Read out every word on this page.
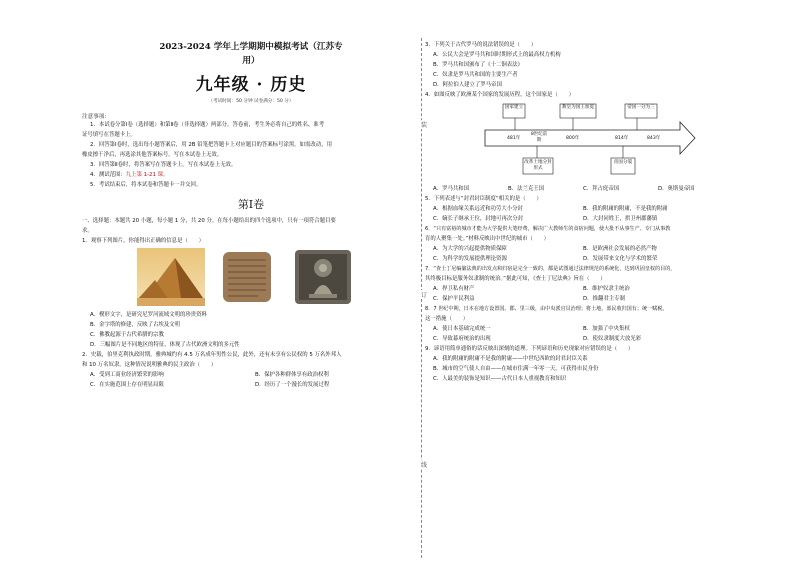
装
订
线
2023-2024 学年上学期期中模拟考试（江苏专
用）
九年级 · 历史
（考试时间：50 分钟 试卷满分：50 分）
注意事项:
1．本试卷分第Ⅰ卷（选择题）和第Ⅱ卷（非选择题）两部分。答卷前，考生务必将自己的姓名、准考
证号填写在答题卡上。
2．回答第Ⅰ卷时，选出每小题答案后，用 2B 铅笔把答题卡上对应题目的答案标号涂黑。如需改动，用
橡皮擦干净后，再选涂其他答案标号。写在本试卷上无效。
3．回答第Ⅱ卷时，将答案写在答题卡上。写在本试卷上无效。
4．测试范围：九上第 1-21 课。
5．考试结束后，将本试卷和答题卡一并交回。
第Ⅰ卷
一、选择题：本题共 20 小题，每小题 1 分，共 20 分。在每小题给出的四个选项中，只有一项符合题目要
求。
1．观察下列图片，你能得出正确的信息是（　　）
A．楔形文字，是研究尼罗河流域文明的珍贵资料
B．金字塔的修建，反映了古埃及文明
C．佛教起源于古代希腊的宗教
D．三幅图片是不同地区的特征，体现了古代欧洲文明的多元性
2．史载，伯里克利执政时期，雅典城约有 4.5 万名成年男性公民，此外，还有未享有公民权的 5 万名外邦人
和 10 万名奴隶。这种情况说明雅典的民主政治（　　）
A．受到工商业经济繁荣的影响	B．保护各种群体享有政治权利
C．在实施范围上存在明显局限	D．经历了一个漫长的发展过程
3．下列关于古代罗马的说法错误的是（　　）
A．公民大会是罗马共和国时期形式上的最高权力机构
B．罗马共和国颁布了《十二铜表法》
C．奴隶是罗马共和国的主要生产者
D．阿拉伯人建立了罗马帝国
4．如图反映了欧洲某个国家的发展历程，这个国家是（　　）
国家建立	教皇为国王加冕	帝国一分为三
481年
8世纪前期	800年	814年	843年
改革土地分封形式
帝国分裂
A．罗马共和国	B．法兰克王国	C．拜占庭帝国	D．奥斯曼帝国
5．下列表述与“封君封臣制度”相关的是（　　）
A．根据血缘关系远近和功劳大小分封	B．我的附庸的附庸，不是我的附庸
C．嫡长子继承王位，封地可再次分封	D．大封同姓王，拱卫州郡藩镇
6．“只有富裕的城市才能为大学提供大笔经费，解决广大教师生的食宿问题，使大批不从事生产、专门从事教
育的人聚集一处。”材料反映出中世纪的城市（　　）
A．为大学的兴起提供物质保障	B．是欧洲社会发展的必然产物
C．为科学的发展提供理论资源	D．发展带来文化与学术的繁荣
7．“查士丁尼编纂法典的出发点和归宿是完全一致的，都是试图通过法律规范的系统化，达到巩固皇权的目的，
其终极目标是服务奴隶制的统治。”据此可知，《查士丁尼法典》旨在（　　）
A．捍卫私有财产	B．维护奴隶主统治
C．保护平民利益	D．推翻君主专制
8．7 世纪中期，日本在地方设置国、郡、里三级，由中央派官员治理；将土地、部民收归国有；统一赋税。
这一措施（　　）
A．使日本基础完成统一	B．加强了中央集权
C．导致幕府统治的出现	D．使奴隶制度大放光彩
9．谚语用简单通俗的话反映出深刻的道理。下列谚语和历史现象对应错误的是（　　）
A．我的附庸的附庸不是我的附庸——中世纪西欧的封君封臣关系
B．城市的空气使人自由——在城市住满一年零一天，可获得市民身份
C．人最美的装饰是知识——古代日本人重视教育和知识
